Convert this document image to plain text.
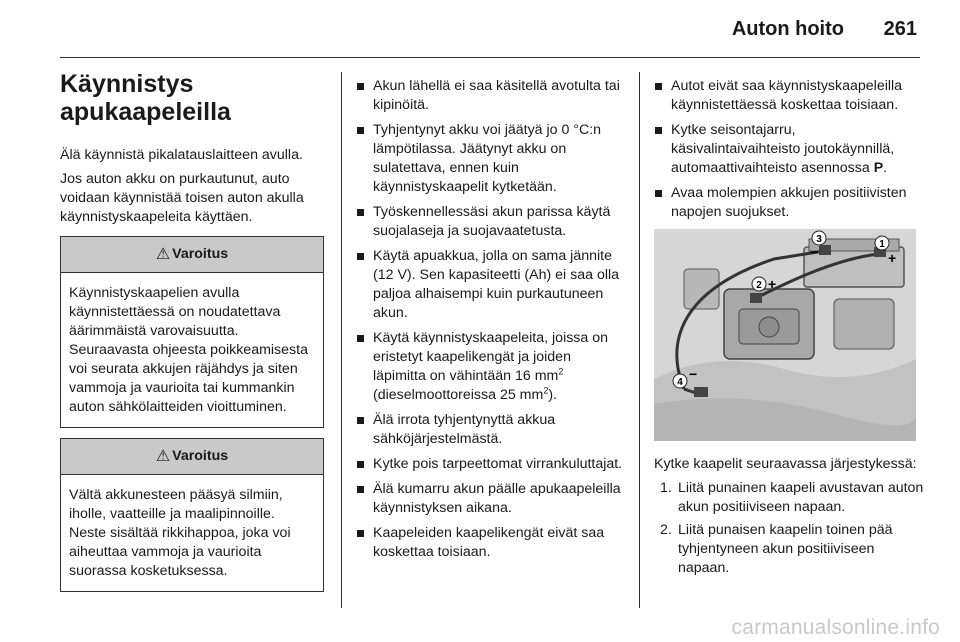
Auton hoito 261
Käynnistys
apukaapeleilla

Älä käynnistä pikalatauslaitteen avulla.

Jos auton akku on purkautunut, auto voidaan käynnistää toisen auton akulla käynnistyskaapeleita käyttäen.

⚠ Varoitus
Käynnistyskaapelien avulla käynnistettäessä on noudatettava äärimmäistä varovaisuutta. Seuraavasta ohjeesta poikkeamisesta voi seurata akkujen räjähdys ja siten vammoja ja vaurioita tai kummankin auton sähkölaitteiden vioittuminen.
⚠ Varoitus
Vältä akkunesteen pääsyä silmiin, iholle, vaatteille ja maalipinnoille. Neste sisältää rikkihappoa, joka voi aiheuttaa vammoja ja vaurioita suorassa kosketuksessa.
Akun lähellä ei saa käsitellä avotulta tai kipinöitä.
Tyhjentynyt akku voi jäätyä jo 0 °C:n lämpötilassa. Jäätynyt akku on sulatettava, ennen kuin käynnistyskaapelit kytketään.
Työskennellessäsi akun parissa käytä suojalaseja ja suojavaatetusta.
Käytä apuakkua, jolla on sama jännite (12 V). Sen kapasiteetti (Ah) ei saa olla paljoa alhaisempi kuin purkautuneen akun.
Käytä käynnistyskaapeleita, joissa on eristetyt kaapelikengät ja joiden läpimitta on vähintään 16 $mm^2$ (dieselmoottoreissa 25 $mm^2$).
Älä irrota tyhjentynyttä akkua sähköjärjestelmästä.
Kytke pois tarpeettomat virrankuluttajat.
Älä kumarru akun päälle apukaapeleilla käynnistyksen aikana.
Kaapeleiden kaapelikengät eivät saa koskettaa toisiaan.
Autot eivät saa käynnistyskaapeleilla käynnistettäessä koskettaa toisiaan.
Kytke seisontajarru, käsivalintaivaihteisto joutokäynnillä, automaattivaihteisto asennossa P.
Avaa molempien akkujen positiivisten napojen suojukset.
3
−	1
+
2 +
4
−

Kytke kaapelit seuraavassa järjestykessä:

1. Liitä punainen kaapeli avustavan auton akun positiiviseen napaan.
2. Liitä punaisen kaapelin toinen pää tyhjentyneen akun positiiviseen napaan.
carmanualsonline.info
